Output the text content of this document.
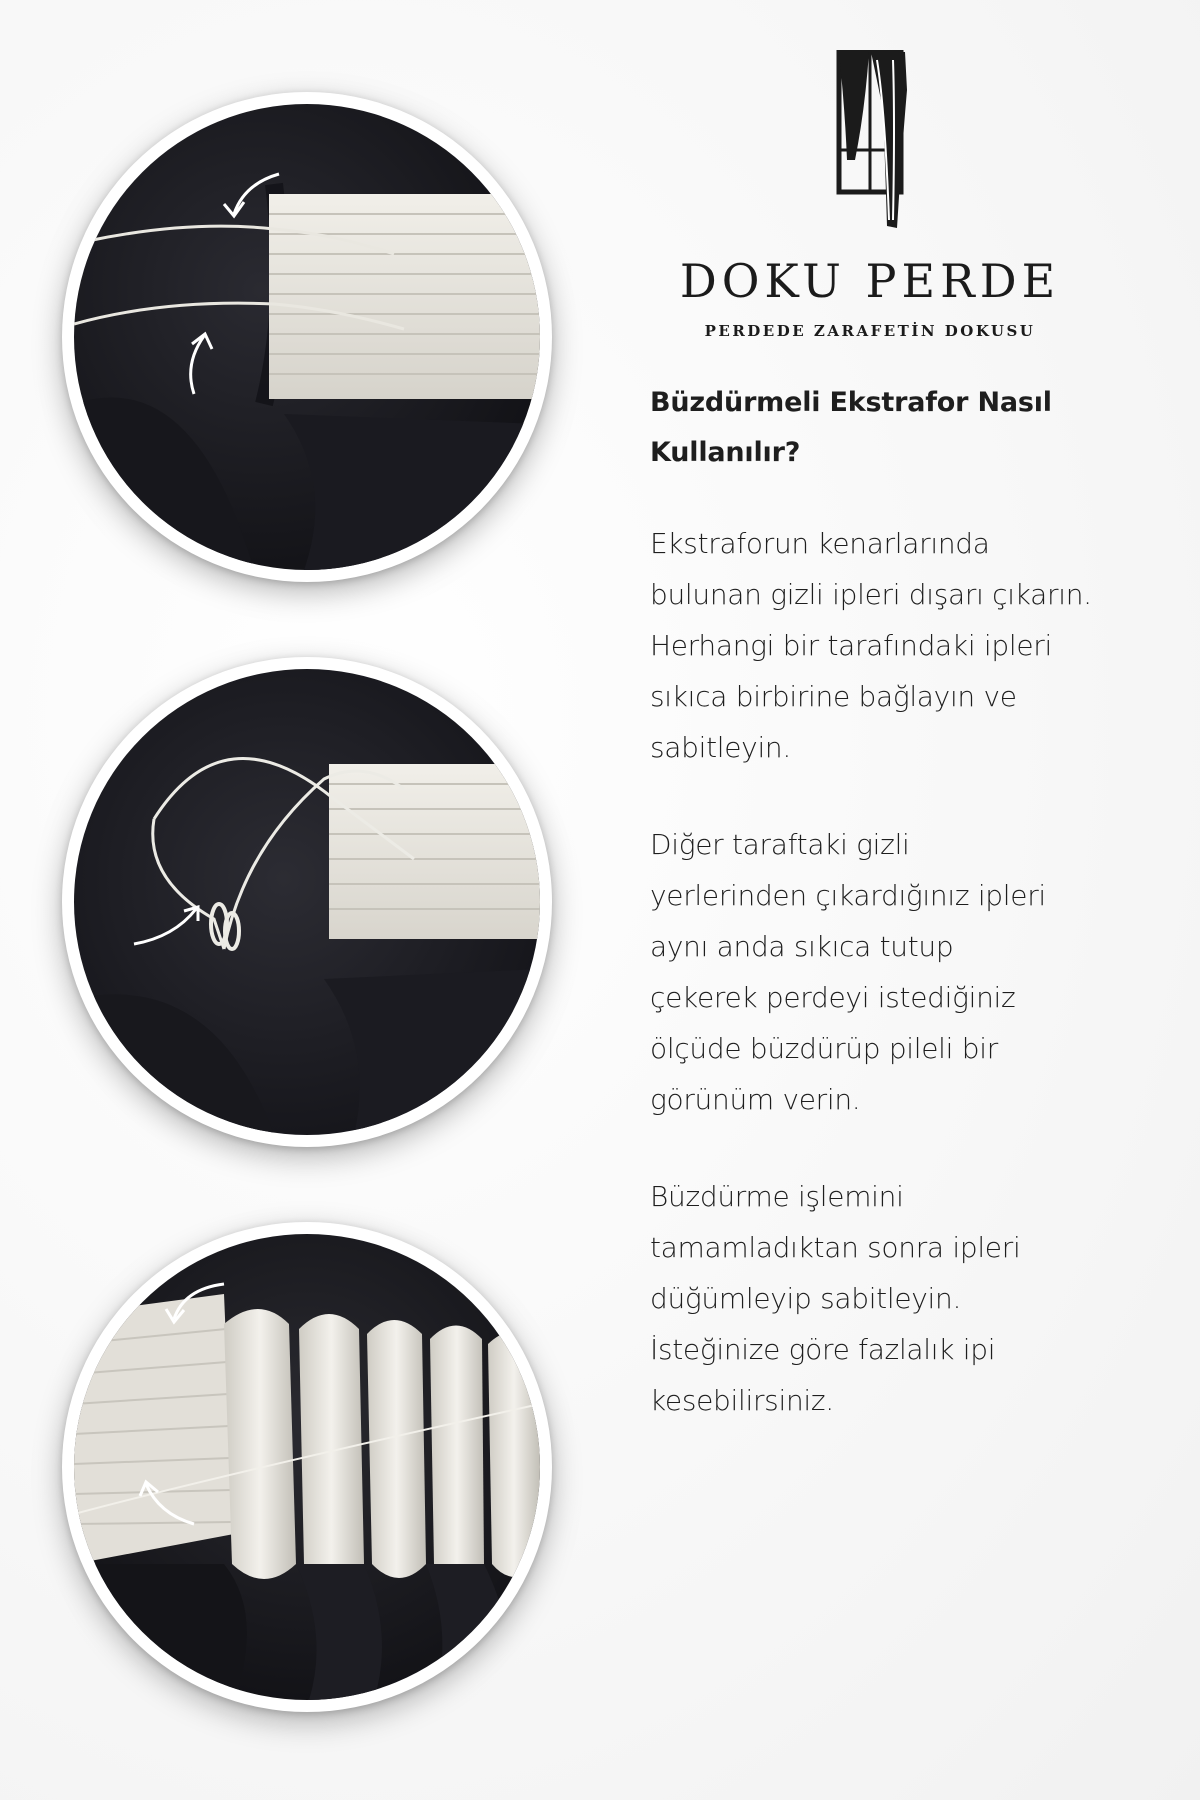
DOKU PERDE
PERDEDE ZARAFETİN DOKUSU
Büzdürmeli Ekstrafor Nasıl
Kullanılır?
Ekstraforun kenarlarında
bulunan gizli ipleri dışarı çıkarın.
Herhangi bir tarafındaki ipleri
sıkıca birbirine bağlayın ve
sabitleyin.
Diğer taraftaki gizli
yerlerinden çıkardığınız ipleri
aynı anda sıkıca tutup
çekerek perdeyi istediğiniz
ölçüde büzdürüp pileli bir
görünüm verin.
Büzdürme işlemini
tamamladıktan sonra ipleri
düğümleyip sabitleyin.
İsteğinize göre fazlalık ipi
kesebilirsiniz.
